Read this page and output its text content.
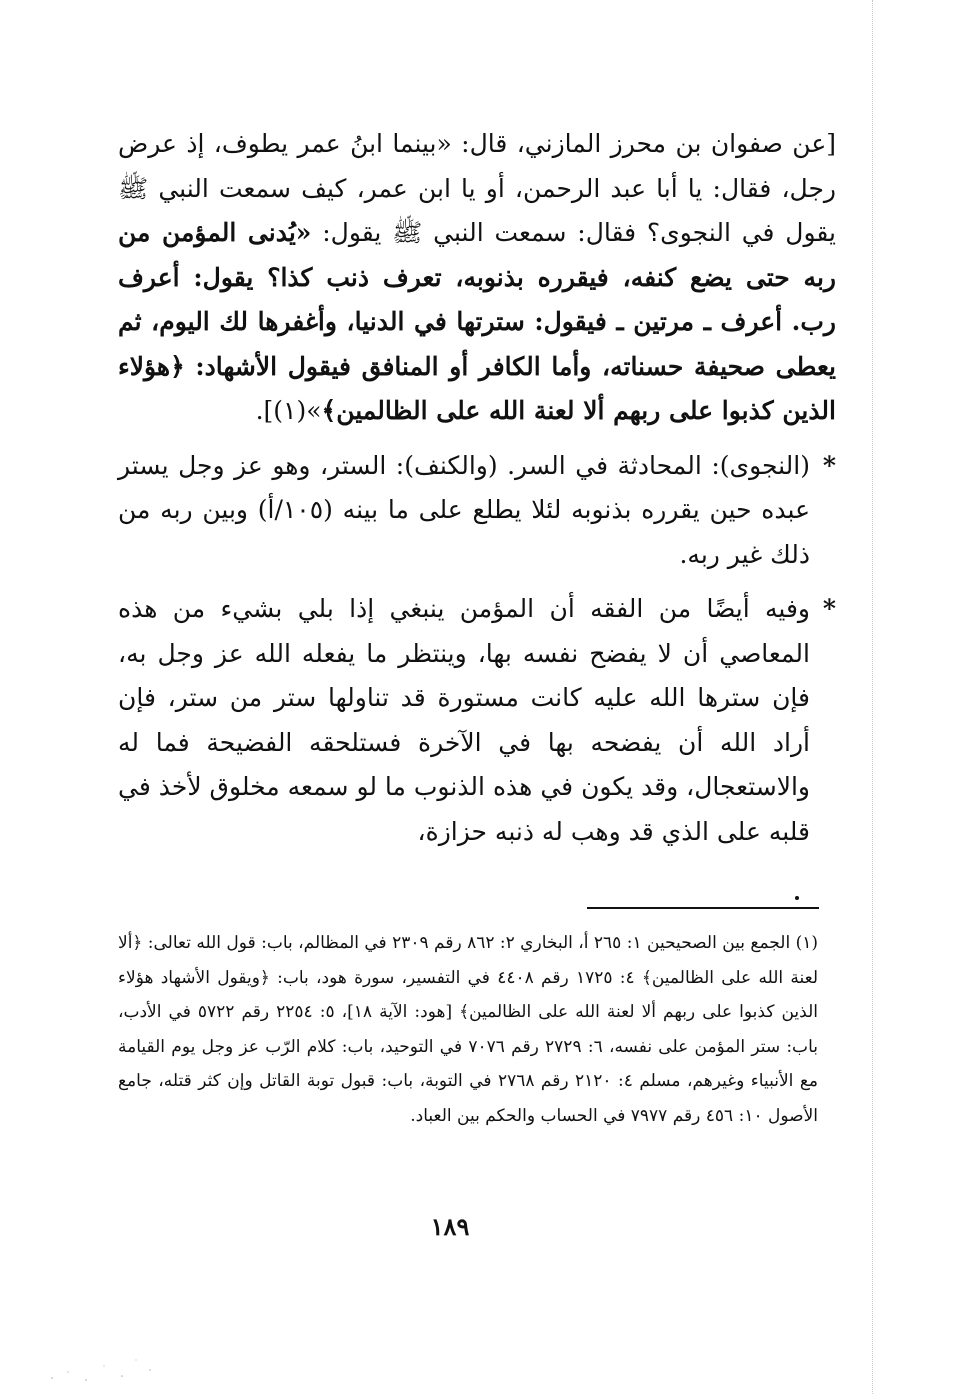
[عن صفوان بن محرز المازني، قال: «بينما ابنُ عمر يطوف، إذ عرض رجل، فقال: يا أبا عبد الرحمن، أو يا ابن عمر، كيف سمعت النبي ﷺ يقول في النجوى؟ فقال: سمعت النبي ﷺ يقول: «يُدنى المؤمن من ربه حتى يضع كنفه، فيقرره بذنوبه، تعرف ذنب كذا؟ يقول: أعرف رب. أعرف ـ مرتين ـ فيقول: سترتها في الدنيا، وأغفرها لك اليوم، ثم يعطى صحيفة حسناته، وأما الكافر أو المنافق فيقول الأشهاد: ﴿هؤلاء الذين كذبوا على ربهم ألا لعنة الله على الظالمين﴾»(١)].

*
(النجوى): المحادثة في السر. (والكنف): الستر، وهو عز وجل يستر عبده حين يقرره بذنوبه لئلا يطلع على ما بينه (١٠٥/أ) وبين ربه من ذلك غير ربه.

*
وفيه أيضًا من الفقه أن المؤمن ينبغي إذا بلي بشيء من هذه المعاصي أن لا يفضح نفسه بها، وينتظر ما يفعله الله عز وجل به، فإن سترها الله عليه كانت مستورة قد تناولها ستر من ستر، فإن أراد الله أن يفضحه بها في الآخرة فستلحقه الفضيحة فما له والاستعجال، وقد يكون في هذه الذنوب ما لو سمعه مخلوق لأخذ في قلبه على الذي قد وهب له ذنبه حزازة،

(١) الجمع بين الصحيحين ١: ٢٦٥ أ، البخاري ٢: ٨٦٢ رقم ٢٣٠٩ في المظالم، باب: قول الله تعالى: ﴿ألا لعنة الله على الظالمين﴾ ٤: ١٧٢٥ رقم ٤٤٠٨ في التفسير، سورة هود، باب: ﴿ويقول الأشهاد هؤلاء الذين كذبوا على ربهم ألا لعنة الله على الظالمين﴾ [هود: الآية ١٨]، ٥: ٢٢٥٤ رقم ٥٧٢٢ في الأدب، باب: ستر المؤمن على نفسه، ٦: ٢٧٢٩ رقم ٧٠٧٦ في التوحيد، باب: كلام الرّب عز وجل يوم القيامة مع الأنبياء وغيرهم، مسلم ٤: ٢١٢٠ رقم ٢٧٦٨ في التوبة، باب: قبول توبة القاتل وإن كثر قتله، جامع الأصول ١٠: ٤٥٦ رقم ٧٩٧٧ في الحساب والحكم بين العباد.
١٨٩
